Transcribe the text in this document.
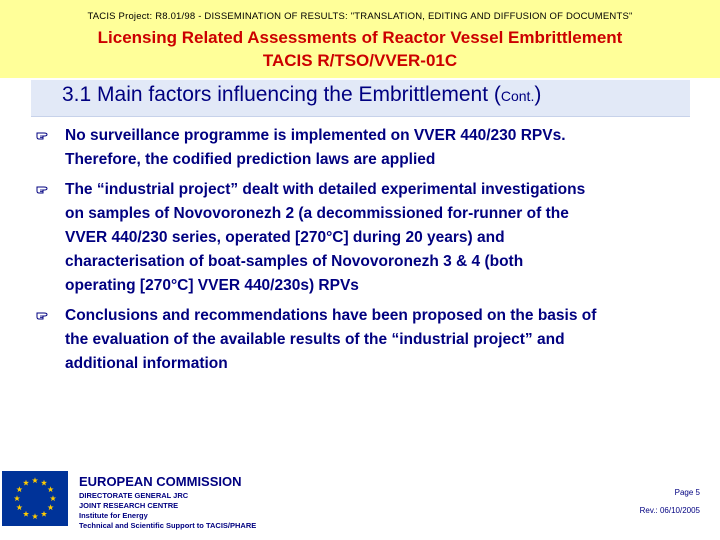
TACIS Project: R8.01/98 - DISSEMINATION OF RESULTS: "TRANSLATION, EDITING AND DIFFUSION OF DOCUMENTS"
Licensing Related Assessments of Reactor Vessel Embrittlement
TACIS R/TSO/VVER-01C
3.1 Main factors influencing the Embrittlement (Cont.)
No surveillance programme is implemented on VVER 440/230 RPVs.
Therefore, the codified prediction laws are applied
The “industrial project” dealt with detailed experimental investigations
on samples of Novovoronezh 2 (a decommissioned for-runner of the
VVER 440/230 series, operated [270°C] during 20 years) and
characterisation of boat-samples of Novovoronezh 3 & 4 (both
operating [270°C] VVER 440/230s) RPVs
Conclusions and recommendations have been proposed on the basis of
the evaluation of the available results of the “industrial project” and
additional information
EUROPEAN COMMISSION
DIRECTORATE GENERAL JRC
JOINT RESEARCH CENTRE
Institute for Energy
Technical and Scientific Support to TACIS/PHARE
Page 5
Rev.: 06/10/2005
